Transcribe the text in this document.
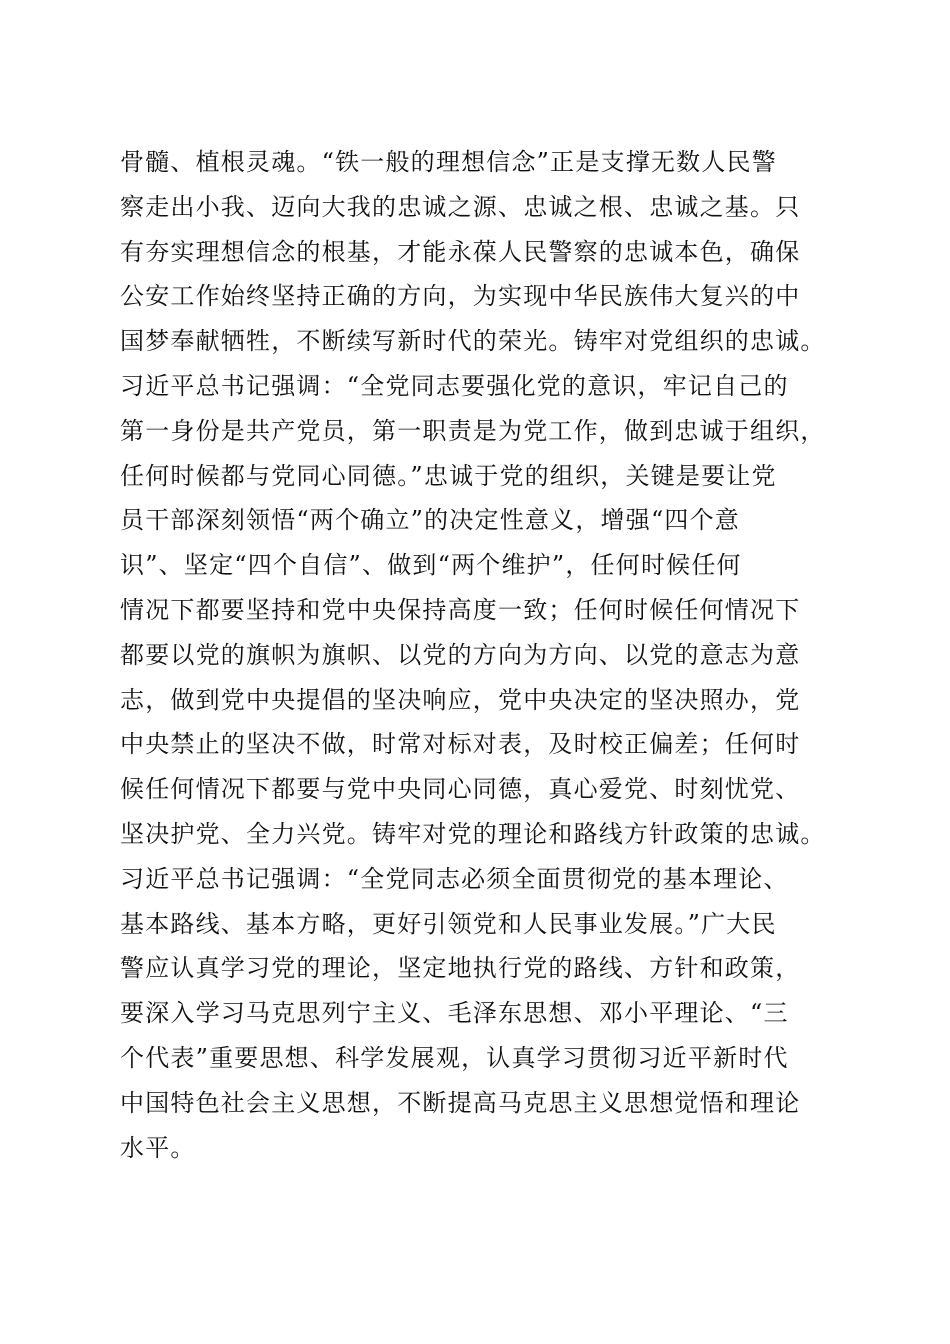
骨髓、植根灵魂。“铁一般的理想信念”正是支撑无数人民警
察走出小我、迈向大我的忠诚之源、忠诚之根、忠诚之基。只
有夯实理想信念的根基，才能永葆人民警察的忠诚本色，确保
公安工作始终坚持正确的方向，为实现中华民族伟大复兴的中
国梦奉献牺牲，不断续写新时代的荣光。铸牢对党组织的忠诚。
习近平总书记强调：“全党同志要强化党的意识，牢记自己的
第一身份是共产党员，第一职责是为党工作，做到忠诚于组织，
任何时候都与党同心同德。”忠诚于党的组织，关键是要让党
员干部深刻领悟“两个确立”的决定性意义，增强“四个意
识”、坚定“四个自信”、做到“两个维护”，任何时候任何
情况下都要坚持和党中央保持高度一致；任何时候任何情况下
都要以党的旗帜为旗帜、以党的方向为方向、以党的意志为意
志，做到党中央提倡的坚决响应，党中央决定的坚决照办，党
中央禁止的坚决不做，时常对标对表，及时校正偏差；任何时
候任何情况下都要与党中央同心同德，真心爱党、时刻忧党、
坚决护党、全力兴党。铸牢对党的理论和路线方针政策的忠诚。
习近平总书记强调：“全党同志必须全面贯彻党的基本理论、
基本路线、基本方略，更好引领党和人民事业发展。”广大民
警应认真学习党的理论，坚定地执行党的路线、方针和政策，
要深入学习马克思列宁主义、毛泽东思想、邓小平理论、“三
个代表”重要思想、科学发展观，认真学习贯彻习近平新时代
中国特色社会主义思想，不断提高马克思主义思想觉悟和理论
水平。
